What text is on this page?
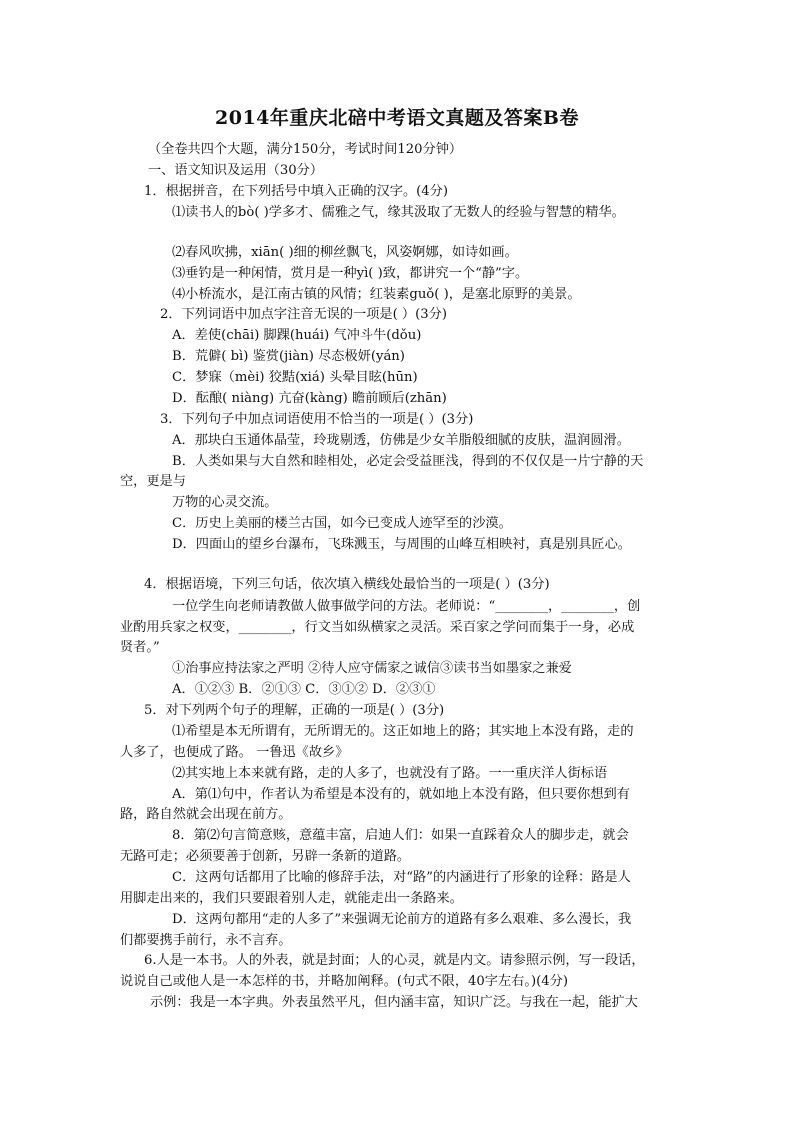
2014年重庆北碚中考语文真题及答案B卷
（全卷共四个大题，满分150分，考试时间120分钟）
一、语文知识及运用（30分）
1．根据拼音，在下列括号中填入正确的汉字。(4分)
⑴读书人的bò( )学多才、儒雅之气，缘其汲取了无数人的经验与智慧的精华。
⑵春风吹拂，xiān( )细的柳丝飘飞，风姿婀娜，如诗如画。
⑶垂钓是一种闲情，赏月是一种yì( )致，都讲究一个“静”字。
⑷小桥流水，是江南古镇的风情；红装素guǒ( )，是塞北原野的美景。
2．下列词语中加点字注音无误的一项是( ）(3分)
A．差使(chāi) 脚踝(huái) 气冲斗牛(dǒu)
B．荒僻( bì) 鉴赏(jiàn) 尽态极妍(yán)
C．梦寐（mèi) 狡黠(xiá) 头晕目眩(hūn)
D．酝酿( niàng) 亢奋(kàng) 瞻前顾后(zhān)
3．下列句子中加点词语使用不恰当的一项是( ）(3分)
A．那块白玉通体晶莹，玲珑剔透，仿佛是少女羊脂般细腻的皮肤，温润圆滑。
B．人类如果与大自然和睦相处，必定会受益匪浅，得到的不仅仅是一片宁静的天
空，更是与
万物的心灵交流。
C．历史上美丽的楼兰古国，如今已变成人迹罕至的沙漠。
D．四面山的望乡台瀑布，飞珠溅玉，与周围的山峰互相映衬，真是别具匠心。
4．根据语境，下列三句话，依次填入横线处最恰当的一项是( ）(3分)
一位学生向老师请教做人做事做学问的方法。老师说：“________，________，创
业酌用兵家之权变，________，行文当如纵横家之灵活。采百家之学问而集于一身，必成
贤者。”
①治事应持法家之严明 ②待人应守儒家之诚信③读书当如墨家之兼爱
A．①②③ B．②①③ C．③①② D．②③①
5．对下列两个句子的理解，正确的一项是( ）(3分)
⑴希望是本无所谓有，无所谓无的。这正如地上的路；其实地上本没有路，走的
人多了，也便成了路。 一鲁迅《故乡》
⑵其实地上本来就有路，走的人多了，也就没有了路。一一重庆洋人街标语
A．第⑴句中，作者认为希望是本没有的，就如地上本没有路，但只要你想到有
路，路自然就会出现在前方。
8．第⑵句言简意赅，意蕴丰富，启迪人们：如果一直踩着众人的脚步走，就会
无路可走；必须要善于创新，另辟一条新的道路。
C．这两句话都用了比喻的修辞手法，对“路”的内涵进行了形象的诠释：路是人
用脚走出来的，我们只要跟着别人走，就能走出一条路来。
D．这两句都用“走的人多了”来强调无论前方的道路有多么艰难、多么漫长，我
们都要携手前行，永不言弃。
6.人是一本书。人的外表，就是封面；人的心灵，就是内文。请参照示例，写一段话，
说说自己或他人是一本怎样的书，并略加阐释。(句式不限，40字左右。)(4分)
示例：我是一本字典。外表虽然平凡，但内涵丰富，知识广泛。与我在一起，能扩大
